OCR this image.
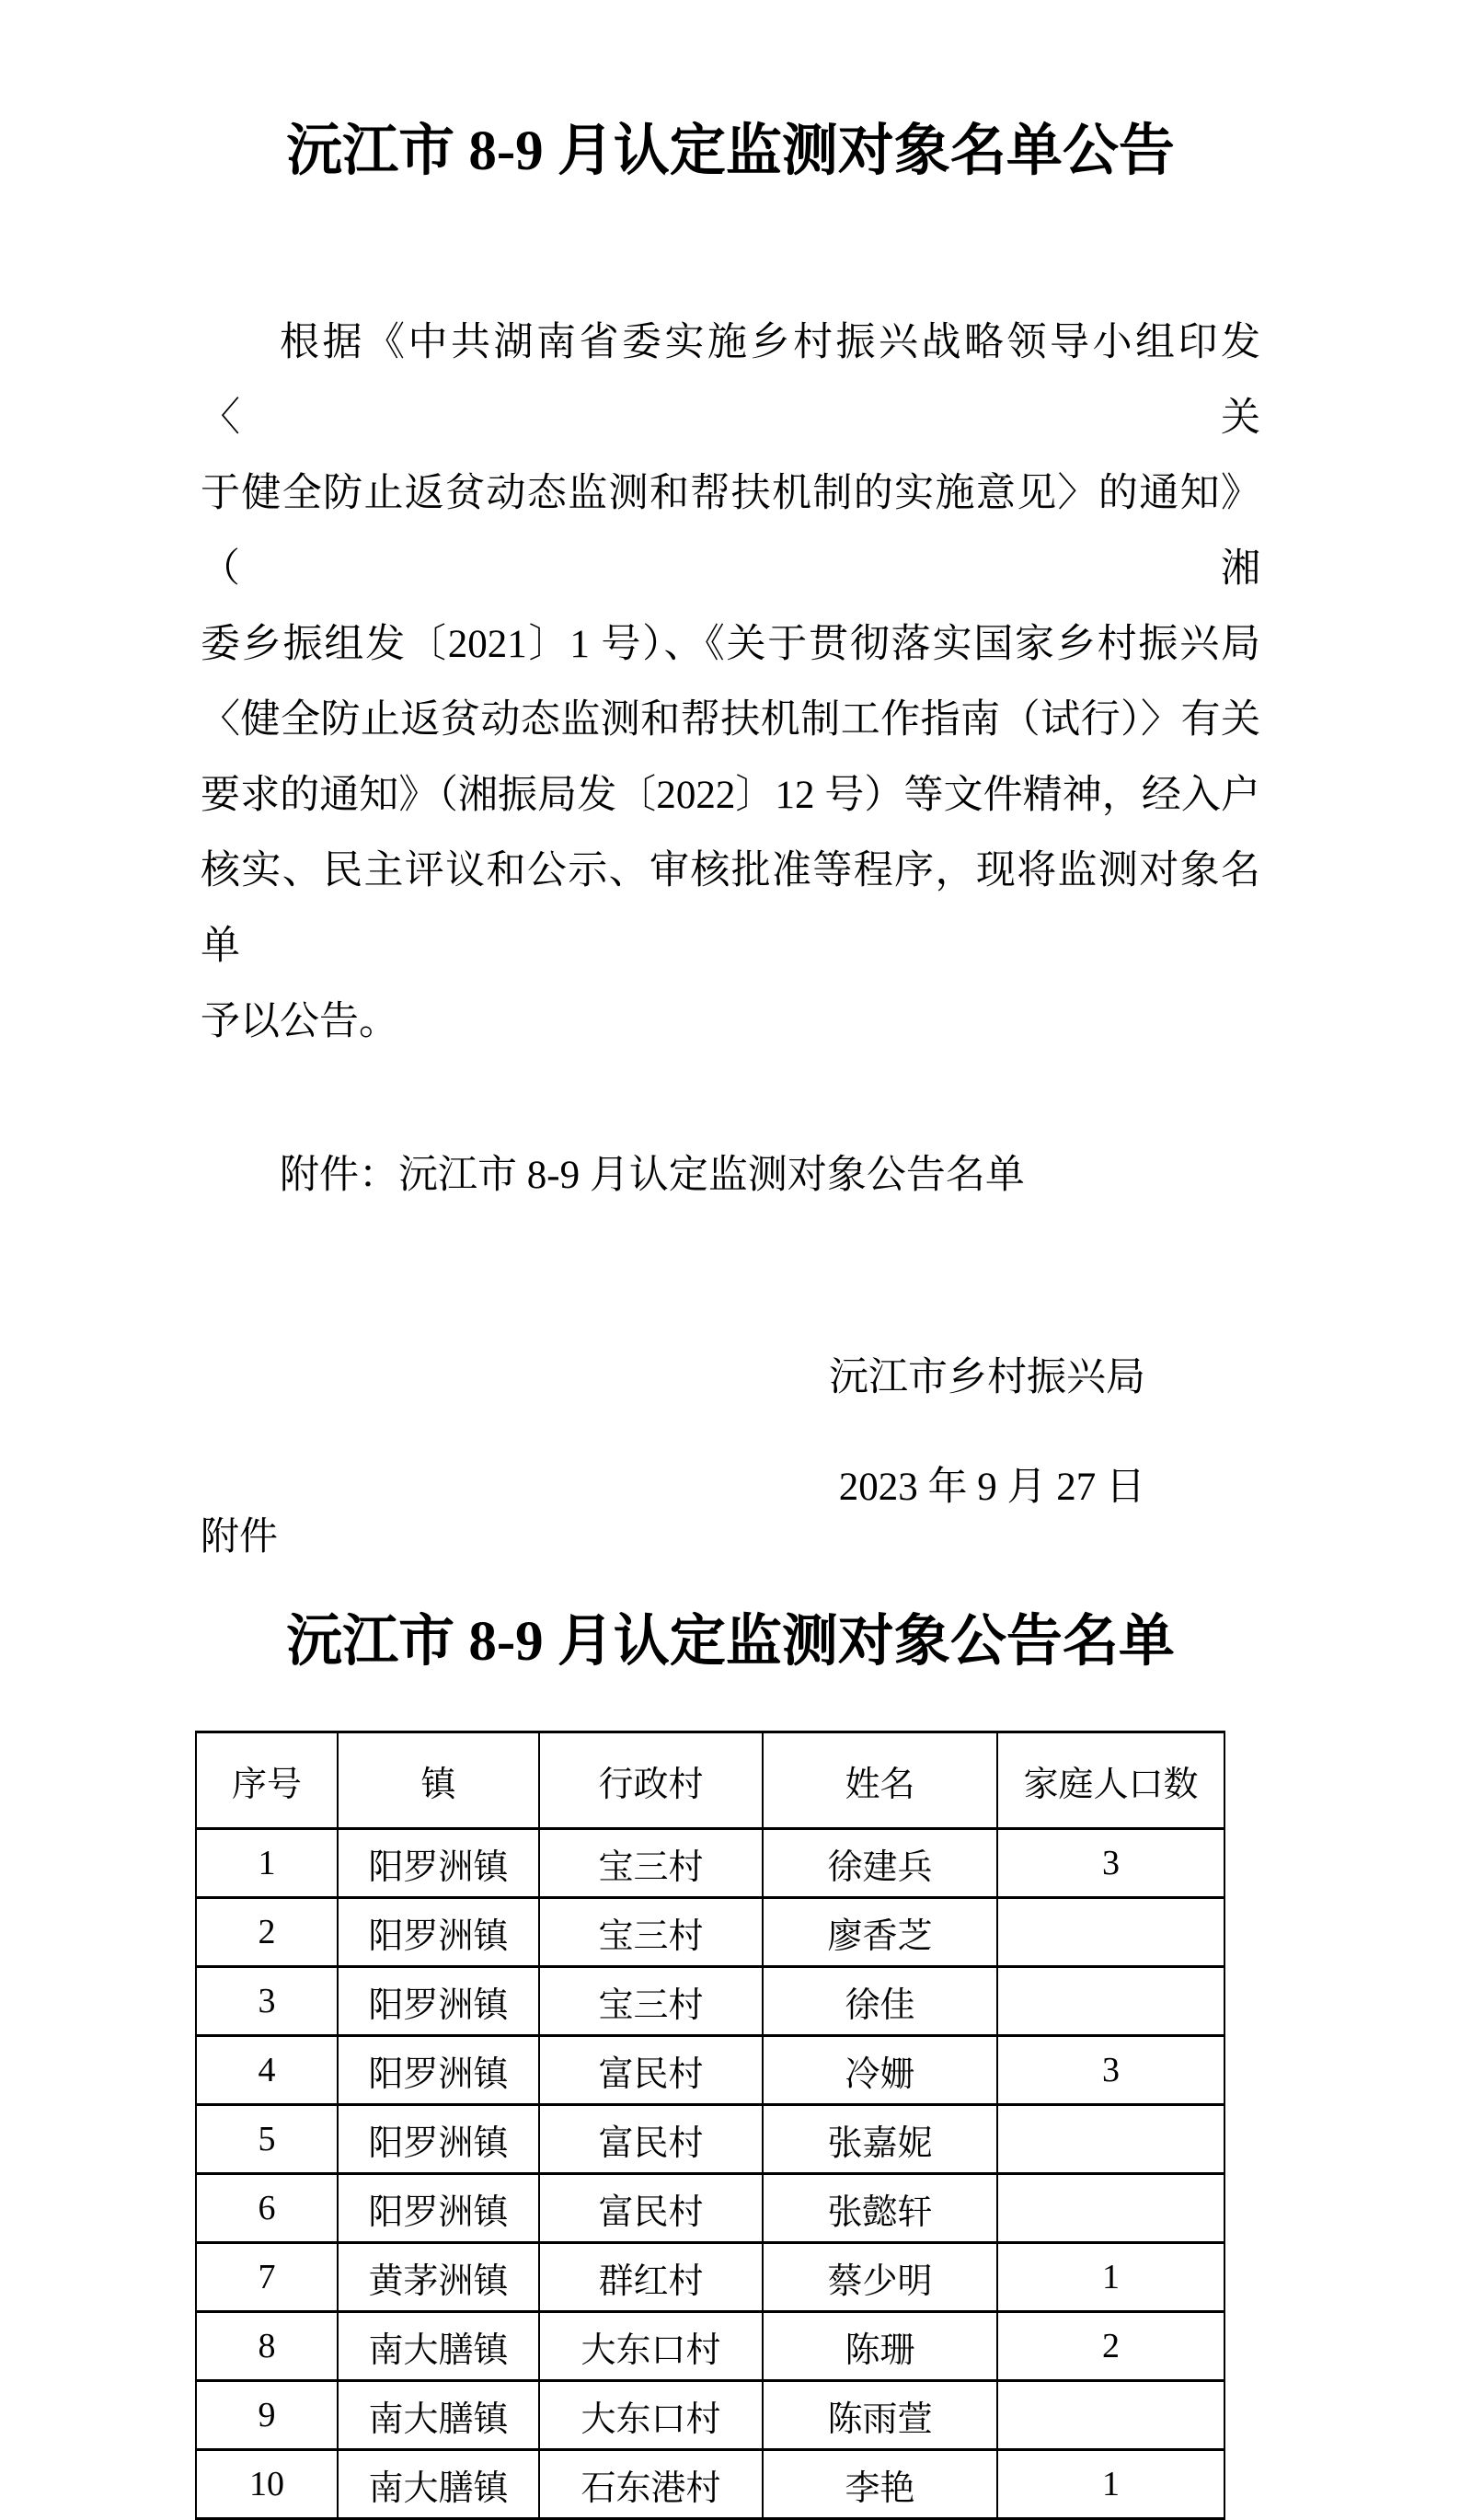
沅江市 8-9 月认定监测对象名单公告
根据《中共湖南省委实施乡村振兴战略领导小组印发〈关
于健全防止返贫动态监测和帮扶机制的实施意见〉的通知》（湘
委乡振组发〔2021〕1 号）、《关于贯彻落实国家乡村振兴局
〈健全防止返贫动态监测和帮扶机制工作指南（试行）〉有关
要求的通知》（湘振局发〔2022〕12 号）等文件精神，经入户
核实、民主评议和公示、审核批准等程序，现将监测对象名单
予以公告。
附件：沅江市 8-9 月认定监测对象公告名单
沅江市乡村振兴局
2023 年 9 月 27 日
附件
沅江市 8-9 月认定监测对象公告名单
序号	镇	行政村	姓名	家庭人口数
1	阳罗洲镇	宝三村	徐建兵	3
2	阳罗洲镇	宝三村	廖香芝	
3	阳罗洲镇	宝三村	徐佳	
4	阳罗洲镇	富民村	冷姗	3
5	阳罗洲镇	富民村	张嘉妮	
6	阳罗洲镇	富民村	张懿轩	
7	黄茅洲镇	群红村	蔡少明	1
8	南大膳镇	大东口村	陈珊	2
9	南大膳镇	大东口村	陈雨萱	
10	南大膳镇	石东港村	李艳	1
